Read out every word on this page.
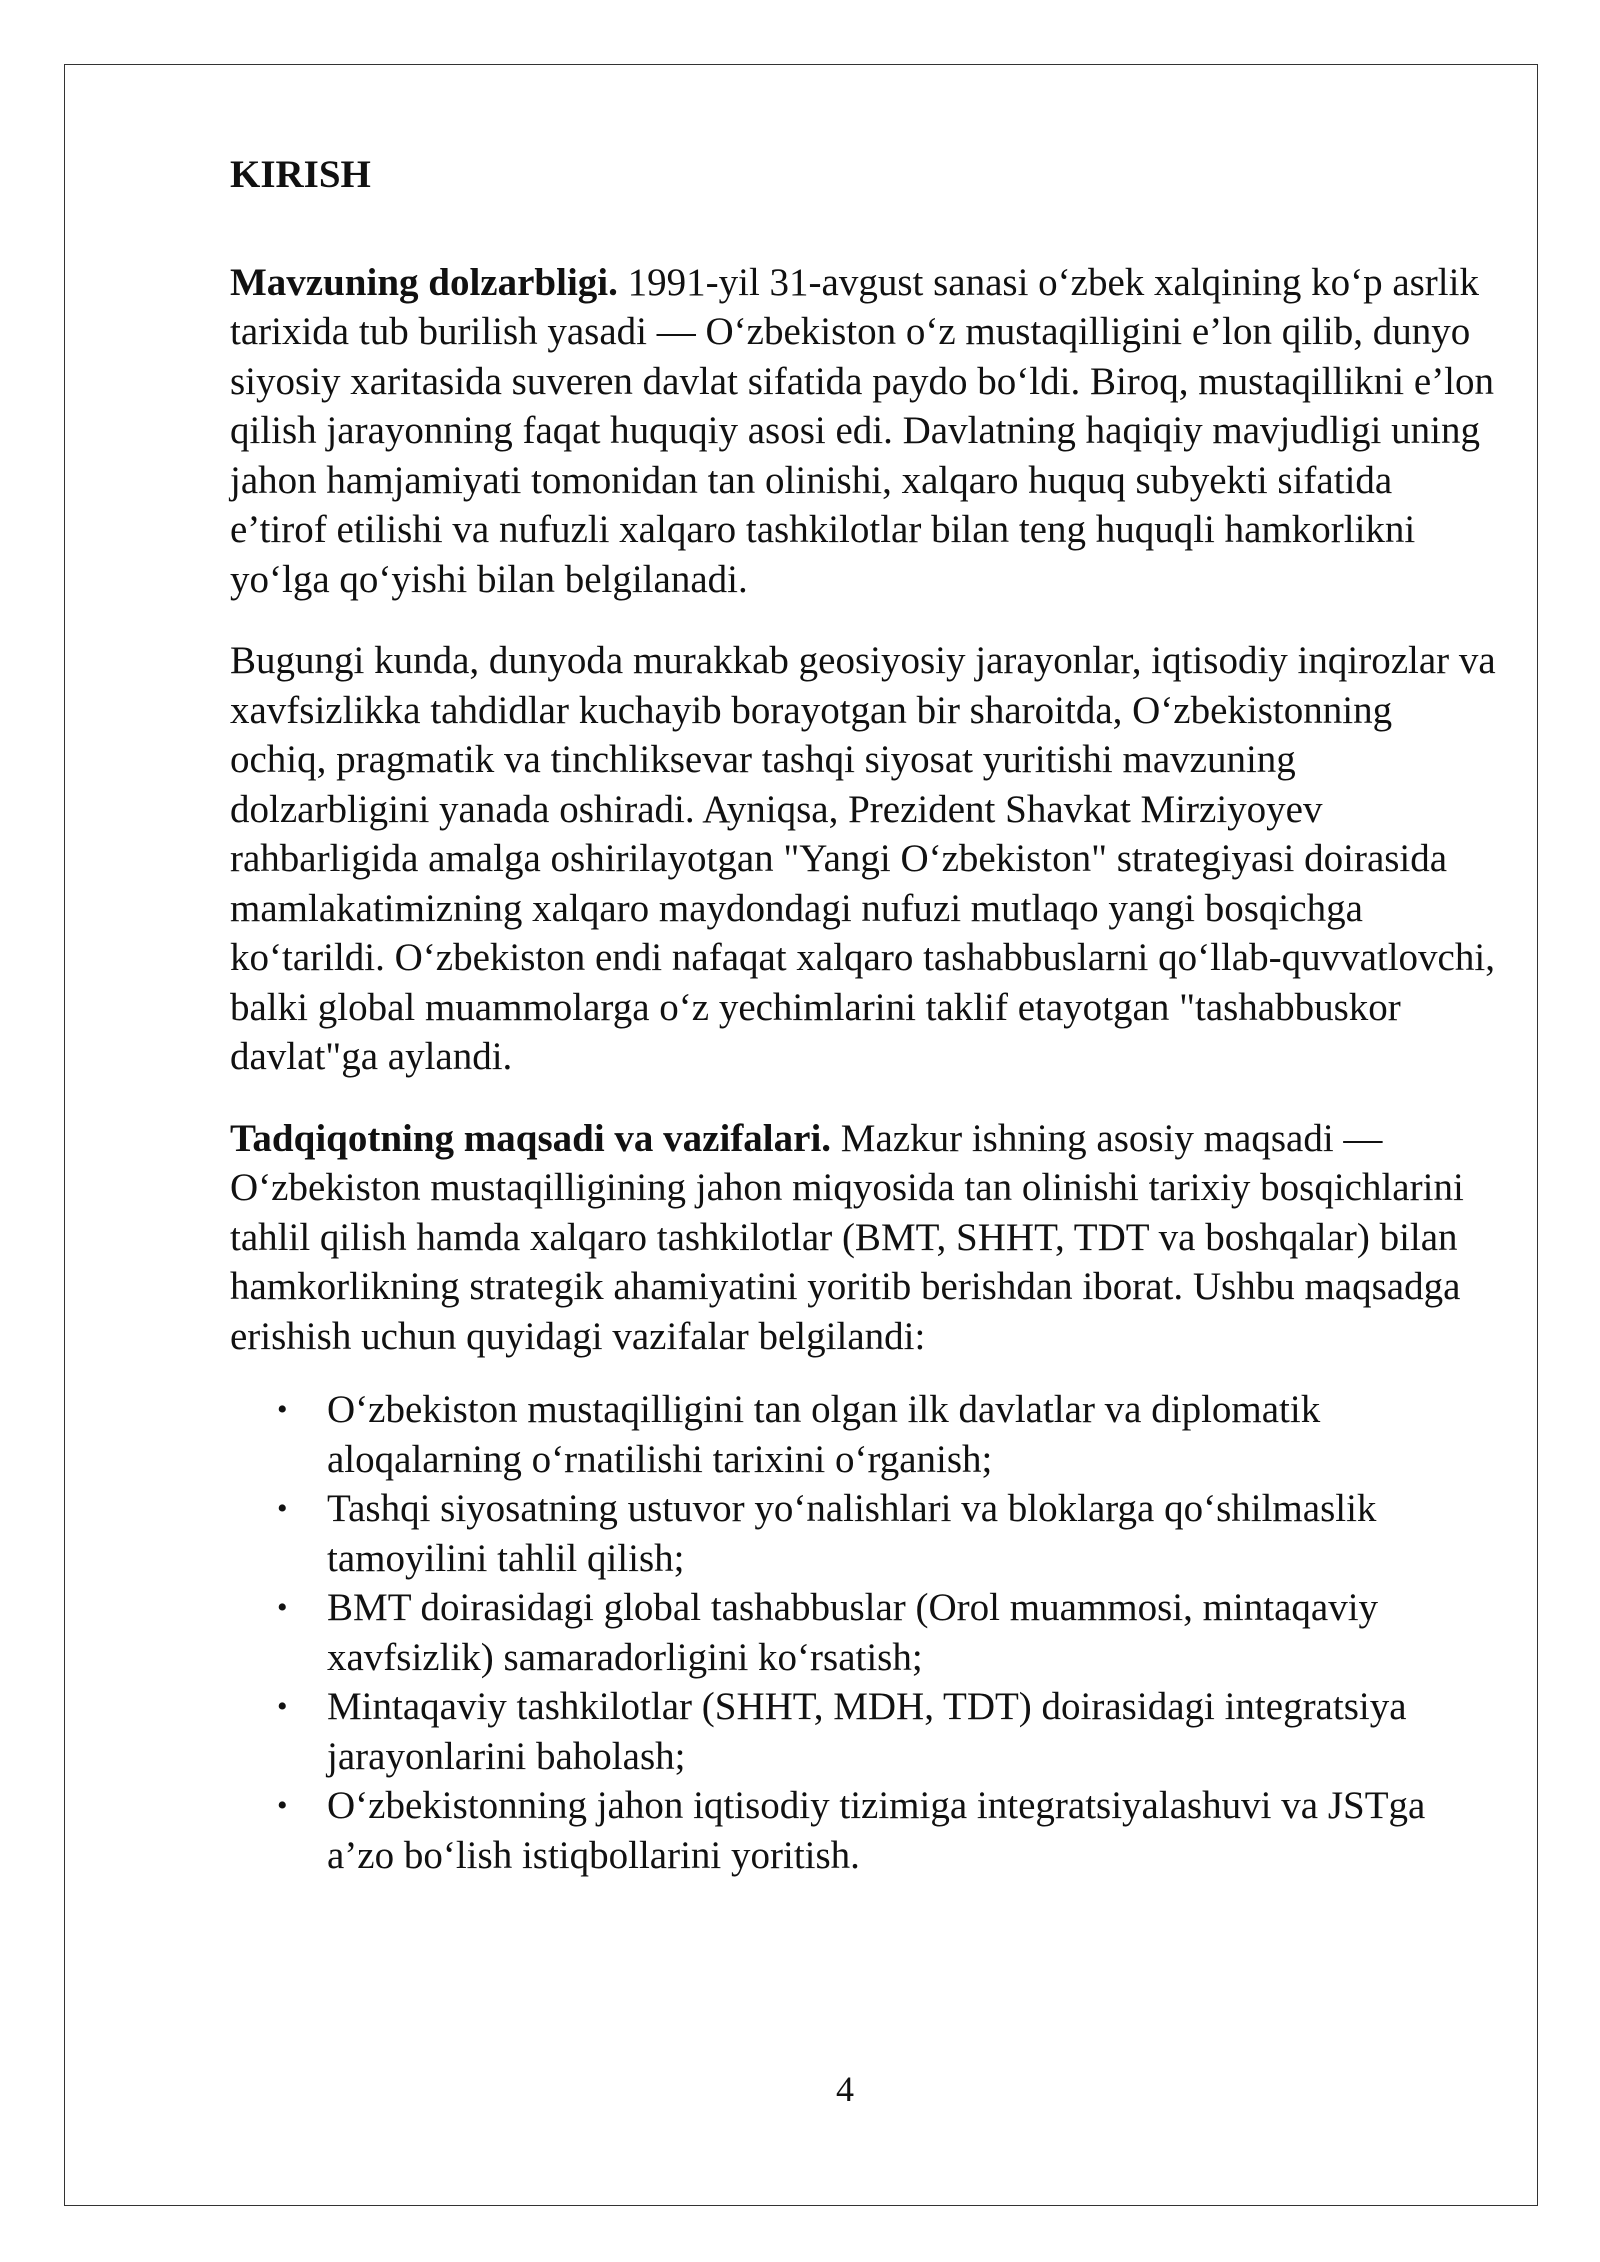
KIRISH

Mavzuning dolzarbligi. 1991-yil 31-avgust sanasi o‘zbek xalqining ko‘p asrlik tarixida tub burilish yasadi — O‘zbekiston o‘z mustaqilligini e’lon qilib, dunyo siyosiy xaritasida suveren davlat sifatida paydo bo‘ldi. Biroq, mustaqillikni e’lon qilish jarayonning faqat huquqiy asosi edi. Davlatning haqiqiy mavjudligi uning jahon hamjamiyati tomonidan tan olinishi, xalqaro huquq subyekti sifatida e’tirof etilishi va nufuzli xalqaro tashkilotlar bilan teng huquqli hamkorlikni yo‘lga qo‘yishi bilan belgilanadi.

Bugungi kunda, dunyoda murakkab geosiyosiy jarayonlar, iqtisodiy inqirozlar va xavfsizlikka tahdidlar kuchayib borayotgan bir sharoitda, O‘zbekistonning ochiq, pragmatik va tinchliksevar tashqi siyosat yuritishi mavzuning dolzarbligini yanada oshiradi. Ayniqsa, Prezident Shavkat Mirziyoyev rahbarligida amalga oshirilayotgan "Yangi O‘zbekiston" strategiyasi doirasida mamlakatimizning xalqaro maydondagi nufuzi mutlaqo yangi bosqichga ko‘tarildi. O‘zbekiston endi nafaqat xalqaro tashabbuslarni qo‘llab-quvvatlovchi, balki global muammolarga o‘z yechimlarini taklif etayotgan "tashabbuskor davlat"ga aylandi.

Tadqiqotning maqsadi va vazifalari. Mazkur ishning asosiy maqsadi — O‘zbekiston mustaqilligining jahon miqyosida tan olinishi tarixiy bosqichlarini tahlil qilish hamda xalqaro tashkilotlar (BMT, SHHT, TDT va boshqalar) bilan hamkorlikning strategik ahamiyatini yoritib berishdan iborat. Ushbu maqsadga erishish uchun quyidagi vazifalar belgilandi:

• O‘zbekiston mustaqilligini tan olgan ilk davlatlar va diplomatik aloqalarning o‘rnatilishi tarixini o‘rganish;
• Tashqi siyosatning ustuvor yo‘nalishlari va bloklarga qo‘shilmaslik tamoyilini tahlil qilish;
• BMT doirasidagi global tashabbuslar (Orol muammosi, mintaqaviy xavfsizlik) samaradorligini ko‘rsatish;
• Mintaqaviy tashkilotlar (SHHT, MDH, TDT) doirasidagi integratsiya jarayonlarini baholash;
• O‘zbekistonning jahon iqtisodiy tizimiga integratsiyalashuvi va JSTga a’zo bo‘lish istiqbollarini yoritish.
4
